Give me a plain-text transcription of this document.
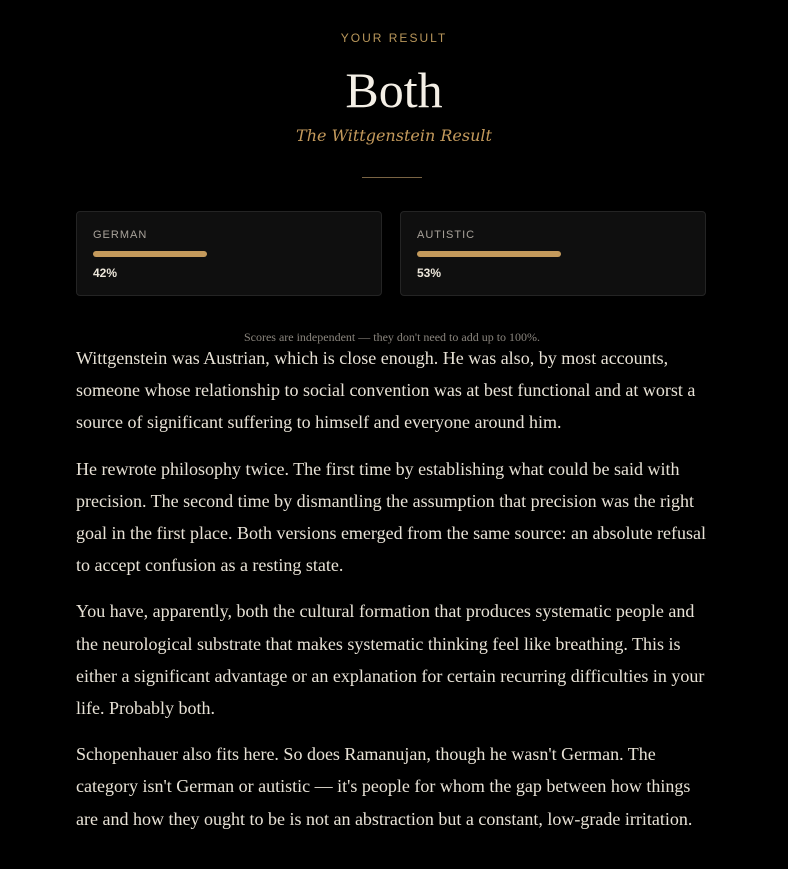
YOUR RESULT
Both
The Wittgenstein Result
GERMAN
42%
AUTISTIC
53%
Scores are independent — they don't need to add up to 100%.

Wittgenstein was Austrian, which is close enough. He was also, by most accounts, someone whose relationship to social convention was at best functional and at worst a source of significant suffering to himself and everyone around him.

He rewrote philosophy twice. The first time by establishing what could be said with precision. The second time by dismantling the assumption that precision was the right goal in the first place. Both versions emerged from the same source: an absolute refusal to accept confusion as a resting state.

You have, apparently, both the cultural formation that produces systematic people and the neurological substrate that makes systematic thinking feel like breathing. This is either a significant advantage or an explanation for certain recurring difficulties in your life. Probably both.

Schopenhauer also fits here. So does Ramanujan, though he wasn't German. The category isn't German or autistic — it's people for whom the gap between how things are and how they ought to be is not an abstraction but a constant, low-grade irritation.
